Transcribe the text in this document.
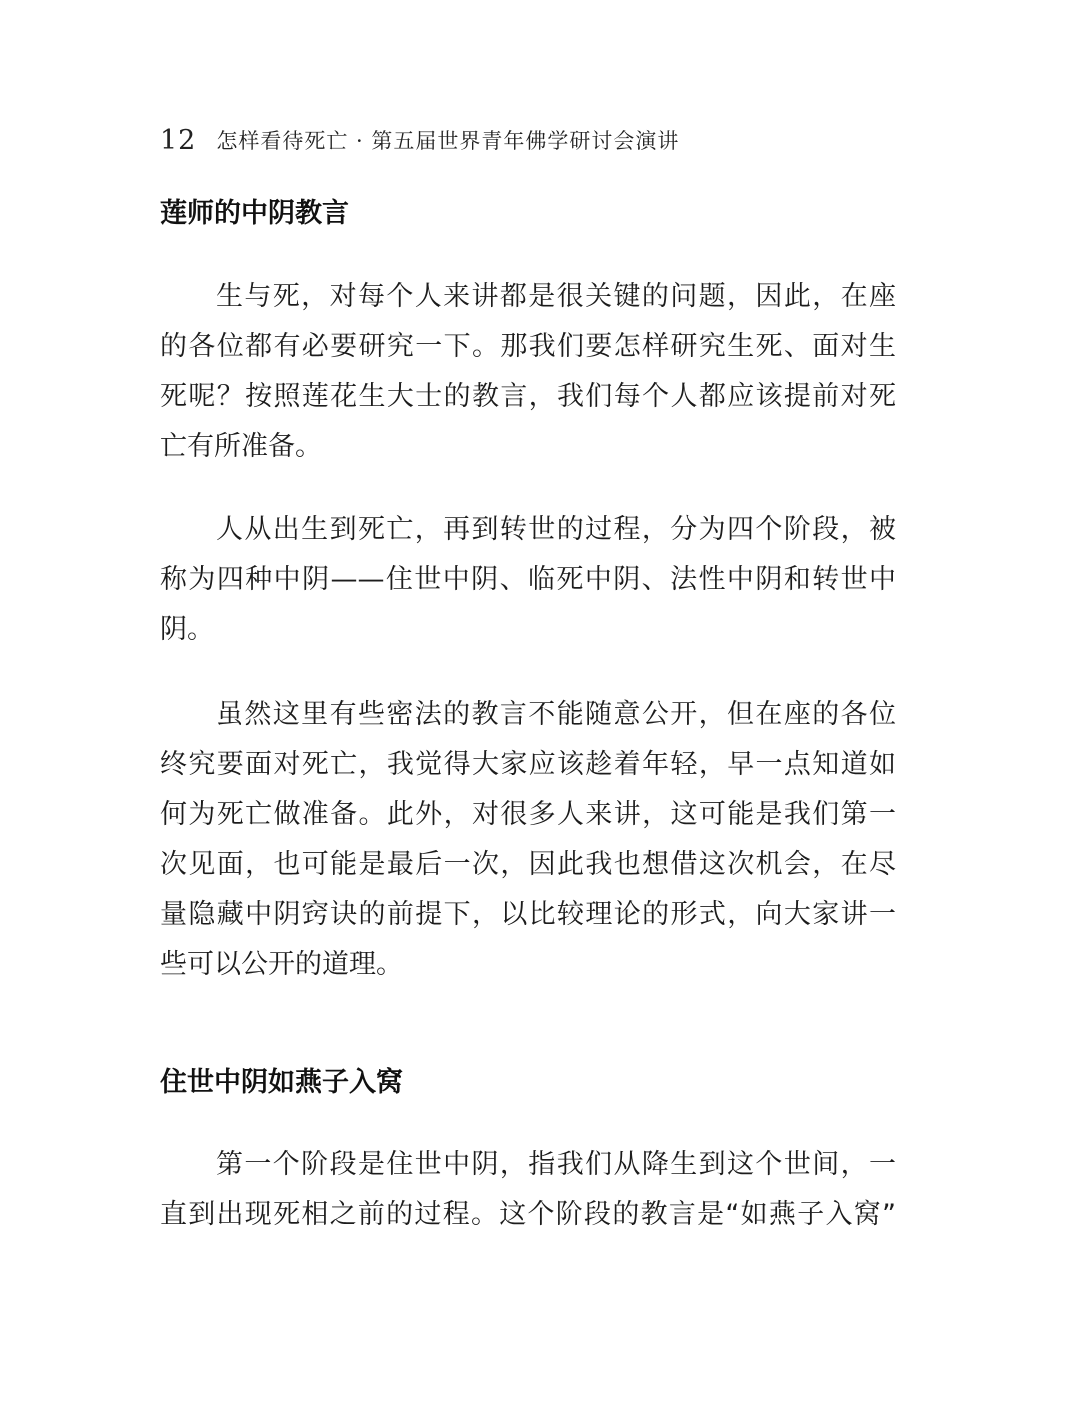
12 怎样看待死亡 · 第五届世界青年佛学研讨会演讲
莲师的中阴教言

生与死，对每个人来讲都是很关键的问题，因此，在座
的各位都有必要研究一下。那我们要怎样研究生死、面对生
死呢？按照莲花生大士的教言，我们每个人都应该提前对死
亡有所准备。

人从出生到死亡，再到转世的过程，分为四个阶段，被
称为四种中阴——住世中阴、临死中阴、法性中阴和转世中
阴。

虽然这里有些密法的教言不能随意公开，但在座的各位
终究要面对死亡，我觉得大家应该趁着年轻，早一点知道如
何为死亡做准备。此外，对很多人来讲，这可能是我们第一
次见面，也可能是最后一次，因此我也想借这次机会，在尽
量隐藏中阴窍诀的前提下，以比较理论的形式，向大家讲一
些可以公开的道理。

住世中阴如燕子入窝

第一个阶段是住世中阴，指我们从降生到这个世间，一
直到出现死相之前的过程。这个阶段的教言是“如燕子入窝”
